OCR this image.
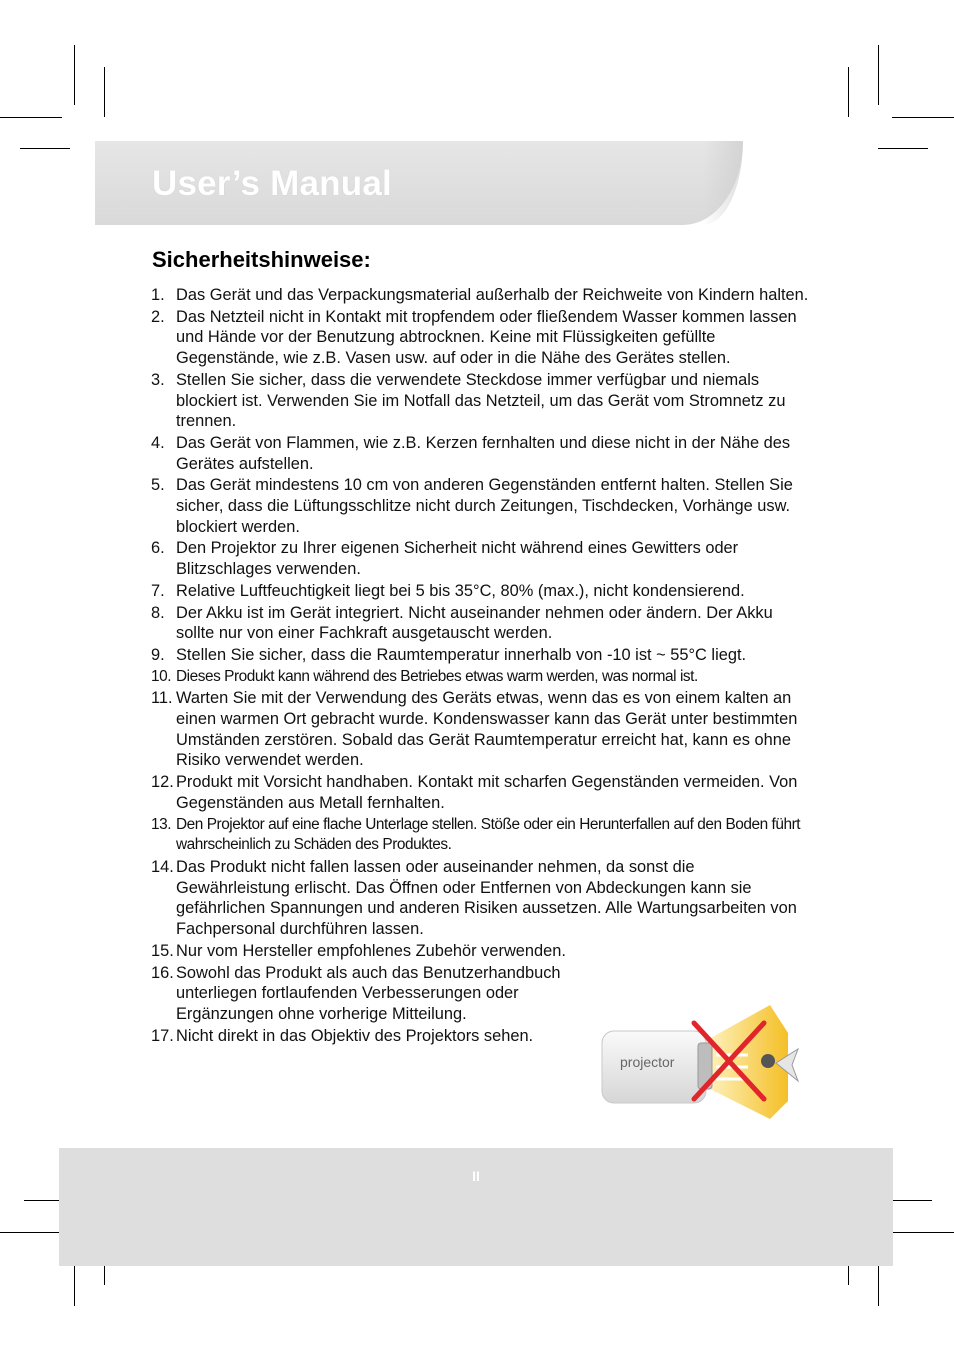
User’s Manual
Sicherheitshinweise:
1. Das Gerät und das Verpackungsmaterial außerhalb der Reichweite von Kindern halten.
2. Das Netzteil nicht in Kontakt mit tropfendem oder fließendem Wasser kommen lassen und Hände vor der Benutzung abtrocknen. Keine mit Flüssigkeiten gefüllte Gegenstände, wie z.B. Vasen usw. auf oder in die Nähe des Gerätes stellen.
3. Stellen Sie sicher, dass die verwendete Steckdose immer verfügbar und niemals blockiert ist. Verwenden Sie im Notfall das Netzteil, um das Gerät vom Stromnetz zu trennen.
4. Das Gerät von Flammen, wie z.B. Kerzen fernhalten und diese nicht in der Nähe des Gerätes aufstellen.
5. Das Gerät mindestens 10 cm von anderen Gegenständen entfernt halten. Stellen Sie sicher, dass die Lüftungsschlitze nicht durch Zeitungen, Tischdecken, Vorhänge usw. blockiert werden.
6. Den Projektor zu Ihrer eigenen Sicherheit nicht während eines Gewitters oder Blitzschlages verwenden.
7. Relative Luftfeuchtigkeit liegt bei 5 bis 35°C, 80% (max.), nicht kondensierend.
8. Der Akku ist im Gerät integriert. Nicht auseinander nehmen oder ändern. Der Akku sollte nur von einer Fachkraft ausgetauscht werden.
9. Stellen Sie sicher, dass die Raumtemperatur innerhalb von -10 ist ~ 55°C liegt.
10. Dieses Produkt kann während des Betriebes etwas warm werden, was normal ist.
11. Warten Sie mit der Verwendung des Geräts etwas, wenn das es von einem kalten an einen warmen Ort gebracht wurde. Kondenswasser kann das Gerät unter bestimmten Umständen zerstören. Sobald das Gerät Raumtemperatur erreicht hat, kann es ohne Risiko verwendet werden.
12. Produkt mit Vorsicht handhaben. Kontakt mit scharfen Gegenständen vermeiden. Von Gegenständen aus Metall fernhalten.
13. Den Projektor auf eine flache Unterlage stellen. Stöße oder ein Herunterfallen auf den Boden führt wahrscheinlich zu Schäden des Produktes.
14. Das Produkt nicht fallen lassen oder auseinander nehmen, da sonst die Gewährleistung erlischt. Das Öffnen oder Entfernen von Abdeckungen kann sie gefährlichen Spannungen und anderen Risiken aussetzen. Alle Wartungsarbeiten von Fachpersonal durchführen lassen.
15. Nur vom Hersteller empfohlenes Zubehör verwenden.
16. Sowohl das Produkt als auch das Benutzerhandbuch unterliegen fortlaufenden Verbesserungen oder Ergänzungen ohne vorherige Mitteilung.
17. Nicht direkt in das Objektiv des Projektors sehen.
projector
II
